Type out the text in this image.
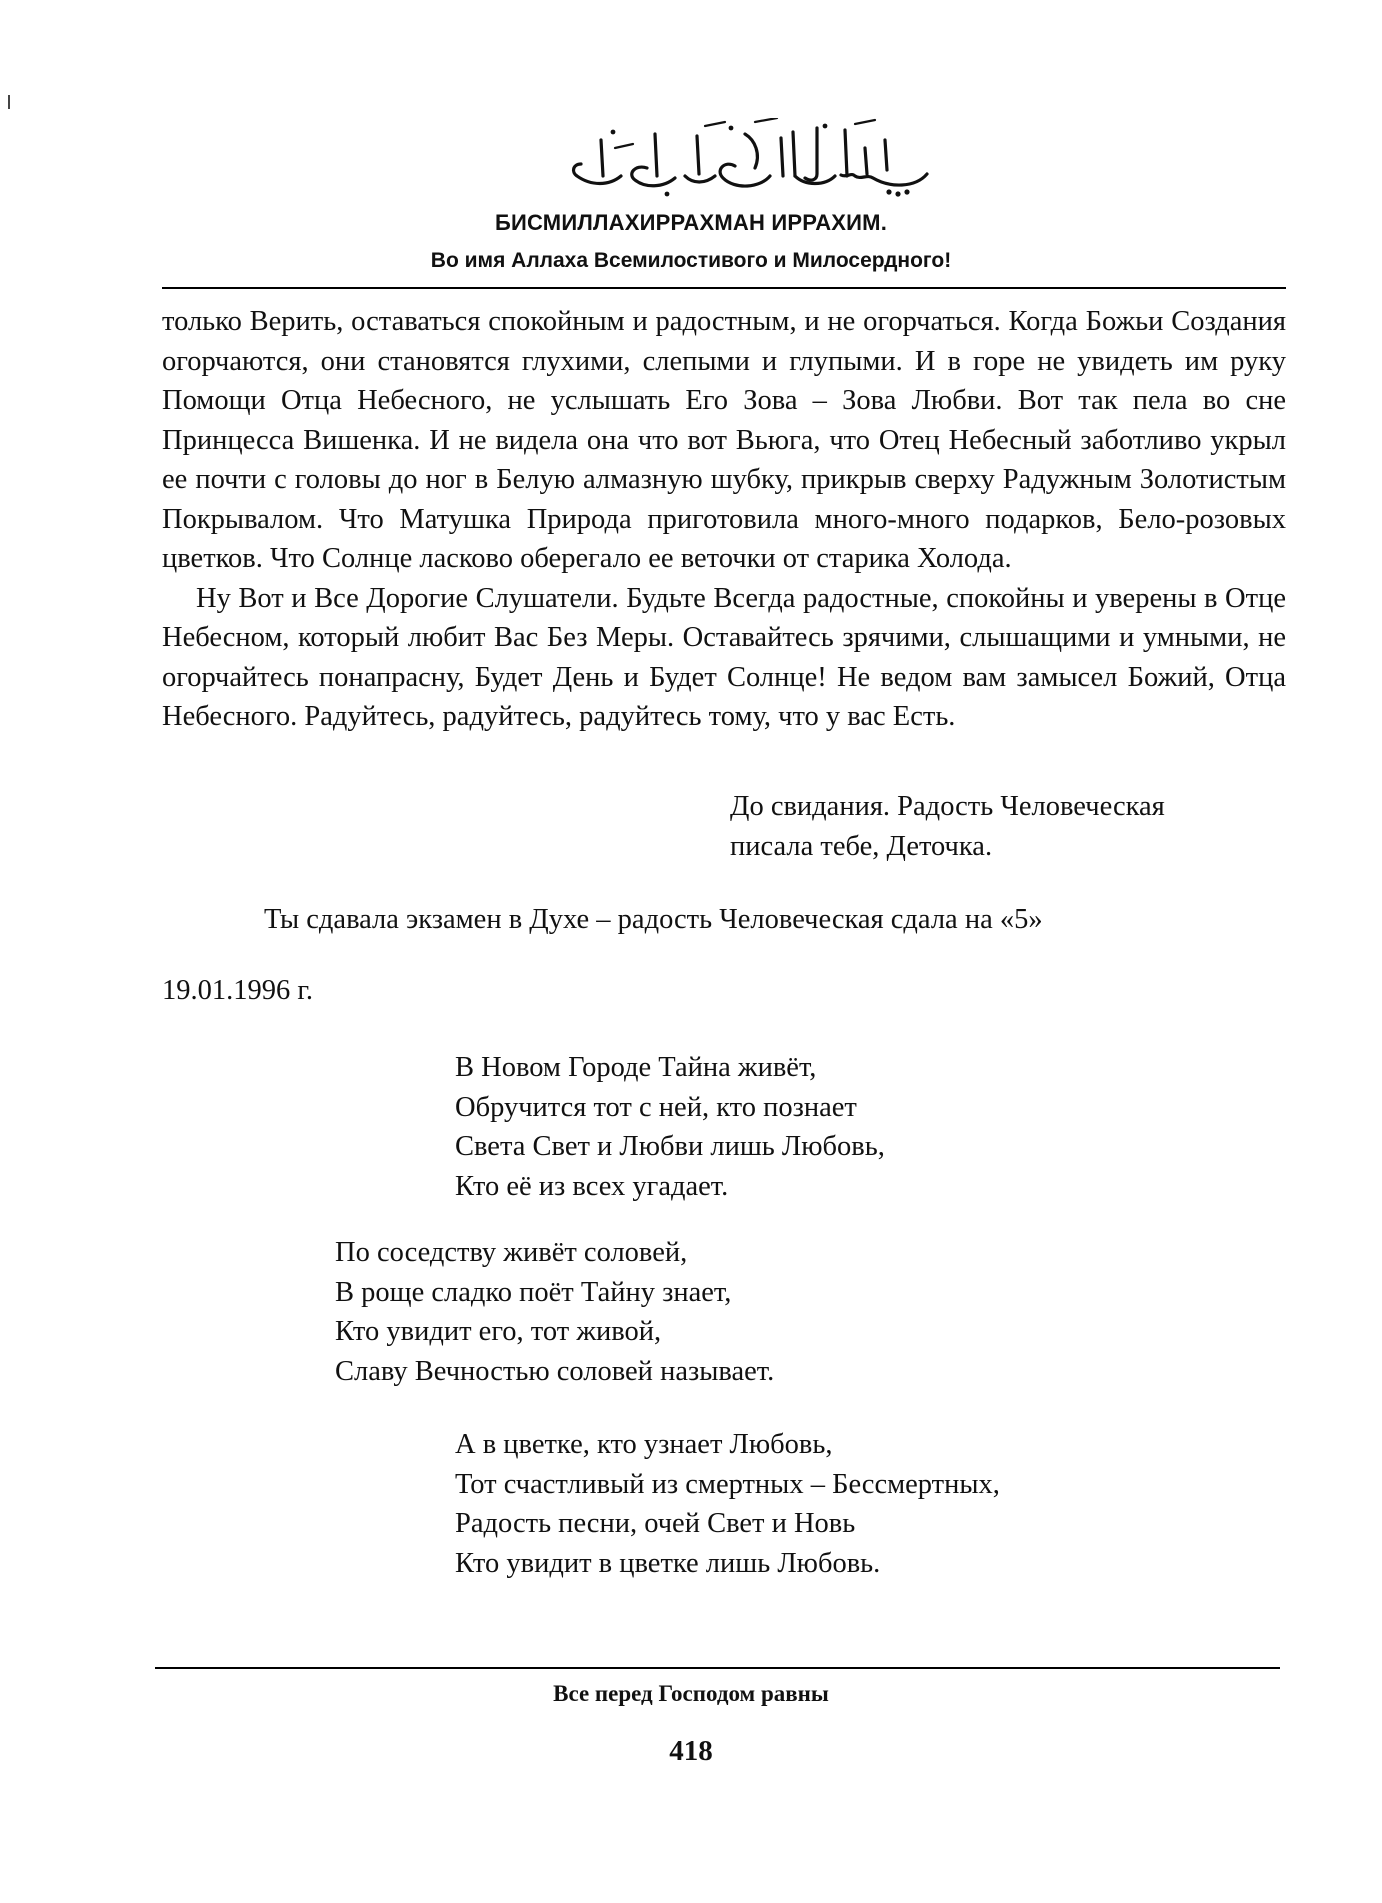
БИСМИЛЛАХИРРАХМАН ИРРАХИМ.
Во имя Аллаха Всемилостивого и Милосердного!

только Верить, оставаться спокойным и радостным, и не огорчаться. Когда Божьи Создания огорчаются, они становятся глухими, слепыми и глупыми. И в горе не увидеть им руку Помощи Отца Небесного, не услышать Его Зова – Зова Любви. Вот так пела во сне Принцесса Вишенка. И не видела она что вот Вьюга, что Отец Небесный заботливо укрыл ее почти с головы до ног в Белую алмазную шубку, прикрыв сверху Радужным Золотистым Покрывалом. Что Матушка Природа приготовила много-много подарков, Бело-розовых цветков. Что Солнце ласково оберегало ее веточки от старика Холода.

Ну Вот и Все Дорогие Слушатели. Будьте Всегда радостные, спокойны и уверены в Отце Небесном, который любит Вас Без Меры. Оставайтесь зрячими, слышащими и умными, не огорчайтесь понапрасну, Будет День и Будет Солнце! Не ведом вам замысел Божий, Отца Небесного. Радуйтесь, радуйтесь, радуйтесь тому, что у вас Есть.

До свидания. Радость Человеческая
писала тебе, Деточка.
Ты сдавала экзамен в Духе – радость Человеческая сдала на «5»
19.01.1996 г.
В Новом Городе Тайна живёт,
Обручится тот с ней, кто познает
Света Свет и Любви лишь Любовь,
Кто её из всех угадает.
По соседству живёт соловей,
В роще сладко поёт Тайну знает,
Кто увидит его, тот живой,
Славу Вечностью соловей называет.
А в цветке, кто узнает Любовь,
Тот счастливый из смертных – Бессмертных,
Радость песни, очей Свет и Новь
Кто увидит в цветке лишь Любовь.
Все перед Господом равны
418
